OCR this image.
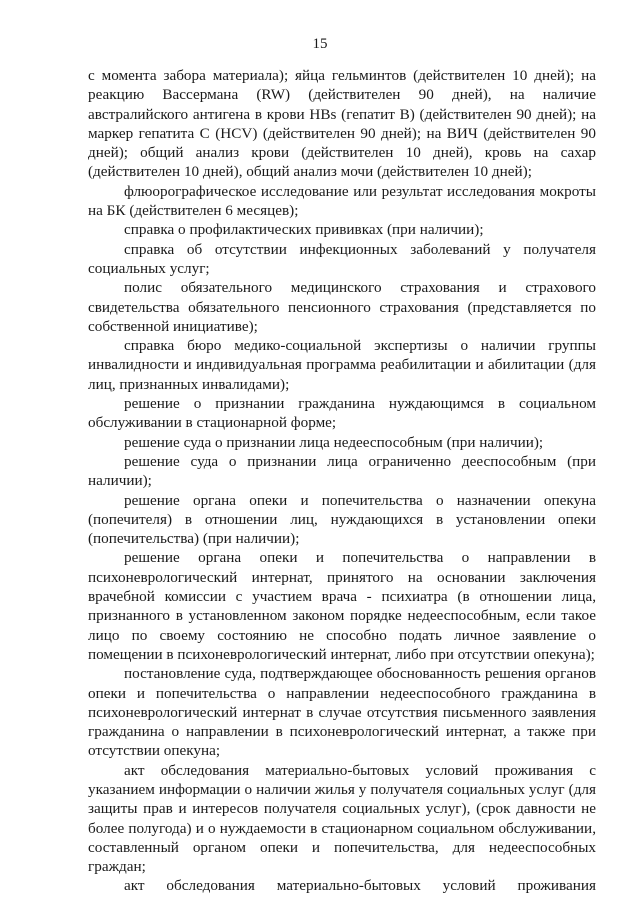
15

с момента забора материала); яйца гельминтов (действителен 10 дней); на реакцию Вассермана (RW) (действителен 90 дней), на наличие австралийского антигена в крови HBs (гепатит В) (действителен 90 дней); на маркер гепатита С (HCV) (действителен 90 дней); на ВИЧ (действителен 90 дней); общий анализ крови (действителен 10 дней), кровь на сахар (действителен 10 дней), общий анализ мочи (действителен 10 дней);

флюорографическое исследование или результат исследования мокроты на БК (действителен 6 месяцев);

справка о профилактических прививках (при наличии);

справка об отсутствии инфекционных заболеваний у получателя социальных услуг;

полис обязательного медицинского страхования и страхового свидетельства обязательного пенсионного страхования (представляется по собственной инициативе);

справка бюро медико-социальной экспертизы о наличии группы инвалидности и индивидуальная программа реабилитации и абилитации (для лиц, признанных инвалидами);

решение о признании гражданина нуждающимся в социальном обслуживании в стационарной форме;

решение суда о признании лица недееспособным (при наличии);

решение суда о признании лица ограниченно дееспособным (при наличии);

решение органа опеки и попечительства о назначении опекуна (попечителя) в отношении лиц, нуждающихся в установлении опеки (попечительства) (при наличии);

решение органа опеки и попечительства о направлении в психоневрологический интернат, принятого на основании заключения врачебной комиссии с участием врача - психиатра (в отношении лица, признанного в установленном законом порядке недееспособным, если такое лицо по своему состоянию не способно подать личное заявление о помещении в психоневрологический интернат, либо при отсутствии опекуна);

постановление суда, подтверждающее обоснованность решения органов опеки и попечительства о направлении недееспособного гражданина в психоневрологический интернат в случае отсутствия письменного заявления гражданина о направлении в психоневрологический интернат, а также при отсутствии опекуна;

акт обследования материально-бытовых условий проживания с указанием информации о наличии жилья у получателя социальных услуг (для защиты прав и интересов получателя социальных услуг), (срок давности не более полугода) и о нуждаемости в стационарном социальном обслуживании, составленный органом опеки и попечительства, для недееспособных граждан;

акт обследования материально-бытовых условий проживания
